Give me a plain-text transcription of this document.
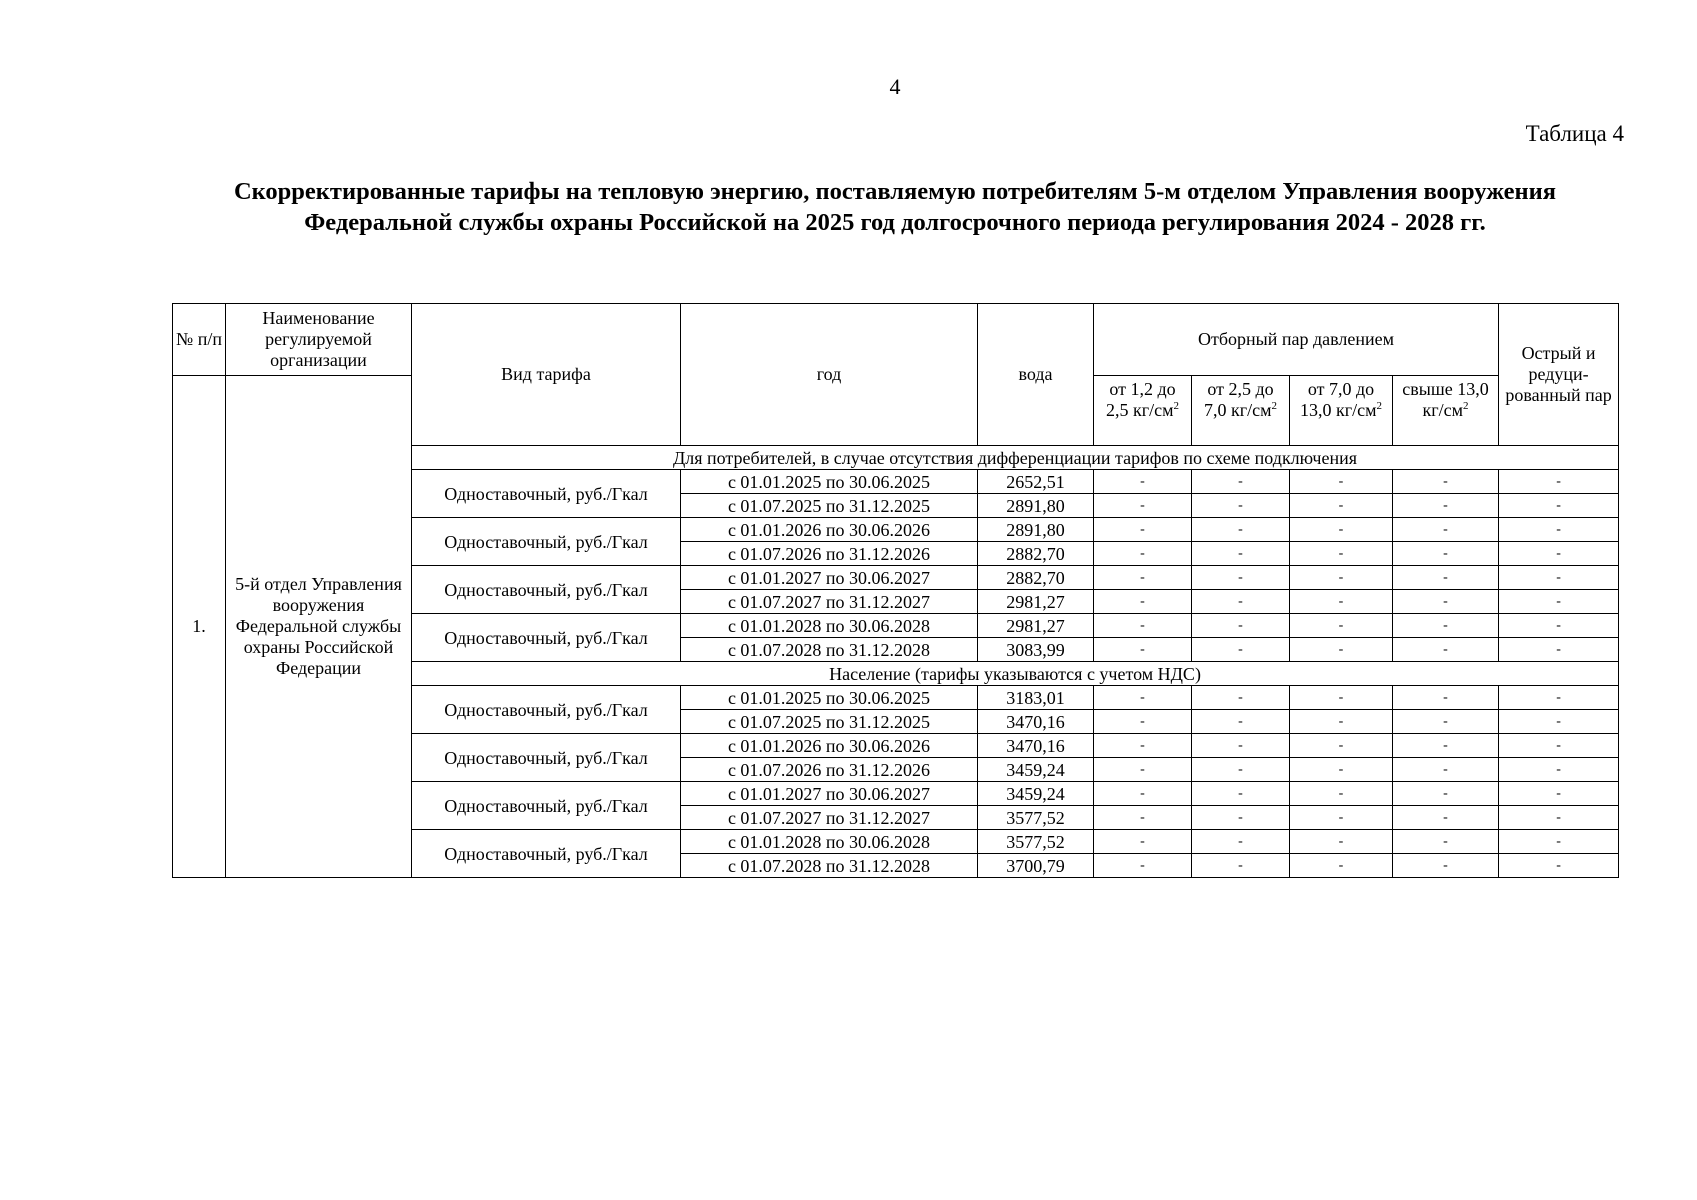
4
Таблица 4
Скорректированные тарифы на тепловую энергию, поставляемую потребителям 5-м отделом Управления вооружения Федеральной службы охраны Российской на 2025 год долгосрочного периода регулирования 2024 - 2028 гг.
№ п/п	Наименование регулируемой организации	Вид тарифа	год	вода	Отборный пар давлением				Острый и редуци-рованный пар
1.	5-й отдел Управления вооружения Федеральной службы охраны Российской Федерации				от 1,2 до 2,5 $кг/см^2$	от 2,5 до 7,0 $кг/см^2$	от 7,0 до 13,0 $кг/см^2$	свыше 13,0 $кг/см^2$
		Для потребителей, в случае отсутствия дифференциации тарифов по схеме подключения							
		Одноставочный, руб./Гкал	с 01.01.2025 по 30.06.2025	2652,51	-	-	-	-	-
			с 01.07.2025 по 31.12.2025	2891,80	-	-	-	-	-
		Одноставочный, руб./Гкал	с 01.01.2026 по 30.06.2026	2891,80	-	-	-	-	-
			с 01.07.2026 по 31.12.2026	2882,70	-	-	-	-	-
		Одноставочный, руб./Гкал	с 01.01.2027 по 30.06.2027	2882,70	-	-	-	-	-
			с 01.07.2027 по 31.12.2027	2981,27	-	-	-	-	-
		Одноставочный, руб./Гкал	с 01.01.2028 по 30.06.2028	2981,27	-	-	-	-	-
			с 01.07.2028 по 31.12.2028	3083,99	-	-	-	-	-
		Население (тарифы указываются с учетом НДС)							
		Одноставочный, руб./Гкал	с 01.01.2025 по 30.06.2025	3183,01	-	-	-	-	-
			с 01.07.2025 по 31.12.2025	3470,16	-	-	-	-	-
		Одноставочный, руб./Гкал	с 01.01.2026 по 30.06.2026	3470,16	-	-	-	-	-
			с 01.07.2026 по 31.12.2026	3459,24	-	-	-	-	-
		Одноставочный, руб./Гкал	с 01.01.2027 по 30.06.2027	3459,24	-	-	-	-	-
			с 01.07.2027 по 31.12.2027	3577,52	-	-	-	-	-
		Одноставочный, руб./Гкал	с 01.01.2028 по 30.06.2028	3577,52	-	-	-	-	-
			с 01.07.2028 по 31.12.2028	3700,79	-	-	-	-	-
